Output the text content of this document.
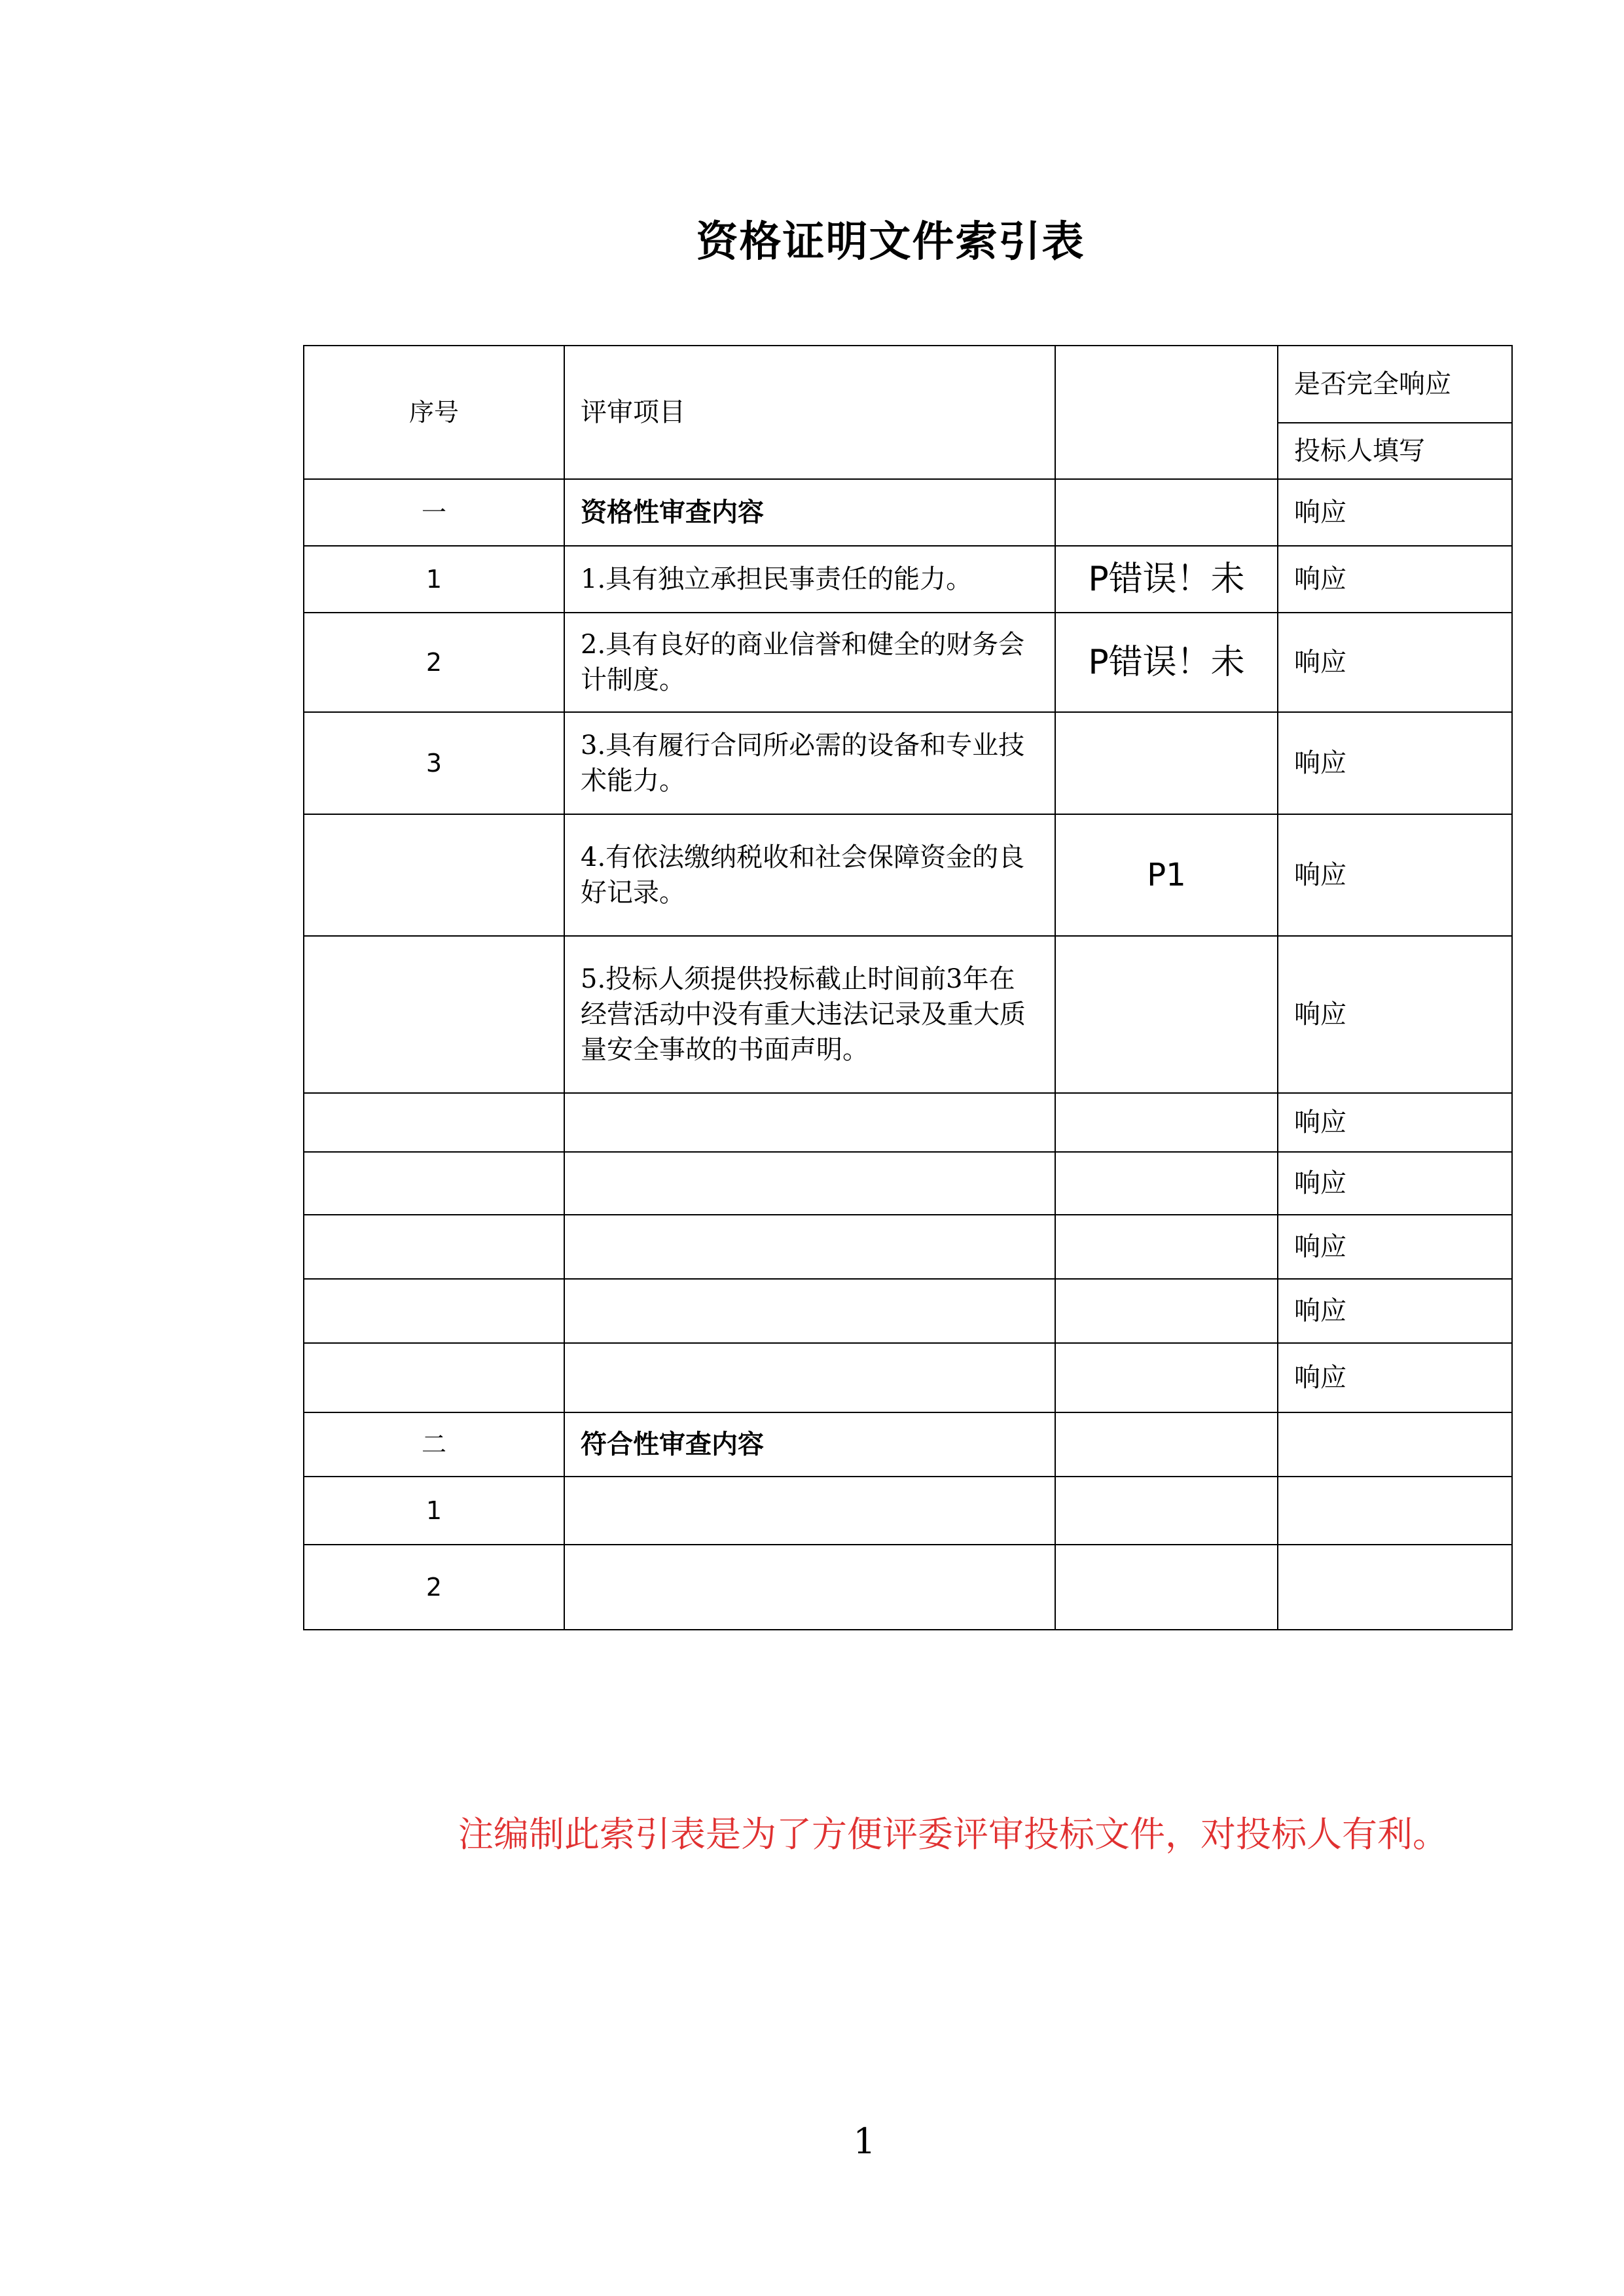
资格证明文件索引表
序号	评审项目		是否完全响应
			投标人填写
一	资格性审查内容		响应
1	1.具有独立承担民事责任的能力。	P错误！未	响应
2	2.具有良好的商业信誉和健全的财务会计制度。	P错误！未	响应
3	3.具有履行合同所必需的设备和专业技术能力。		响应
	4.有依法缴纳税收和社会保障资金的良好记录。	P1	响应
	5.投标人须提供投标截止时间前3年在经营活动中没有重大违法记录及重大质量安全事故的书面声明。		响应
			响应
			响应
			响应
			响应
			响应
二	符合性审查内容		
1			
2			
注编制此索引表是为了方便评委评审投标文件，对投标人有利。
1
